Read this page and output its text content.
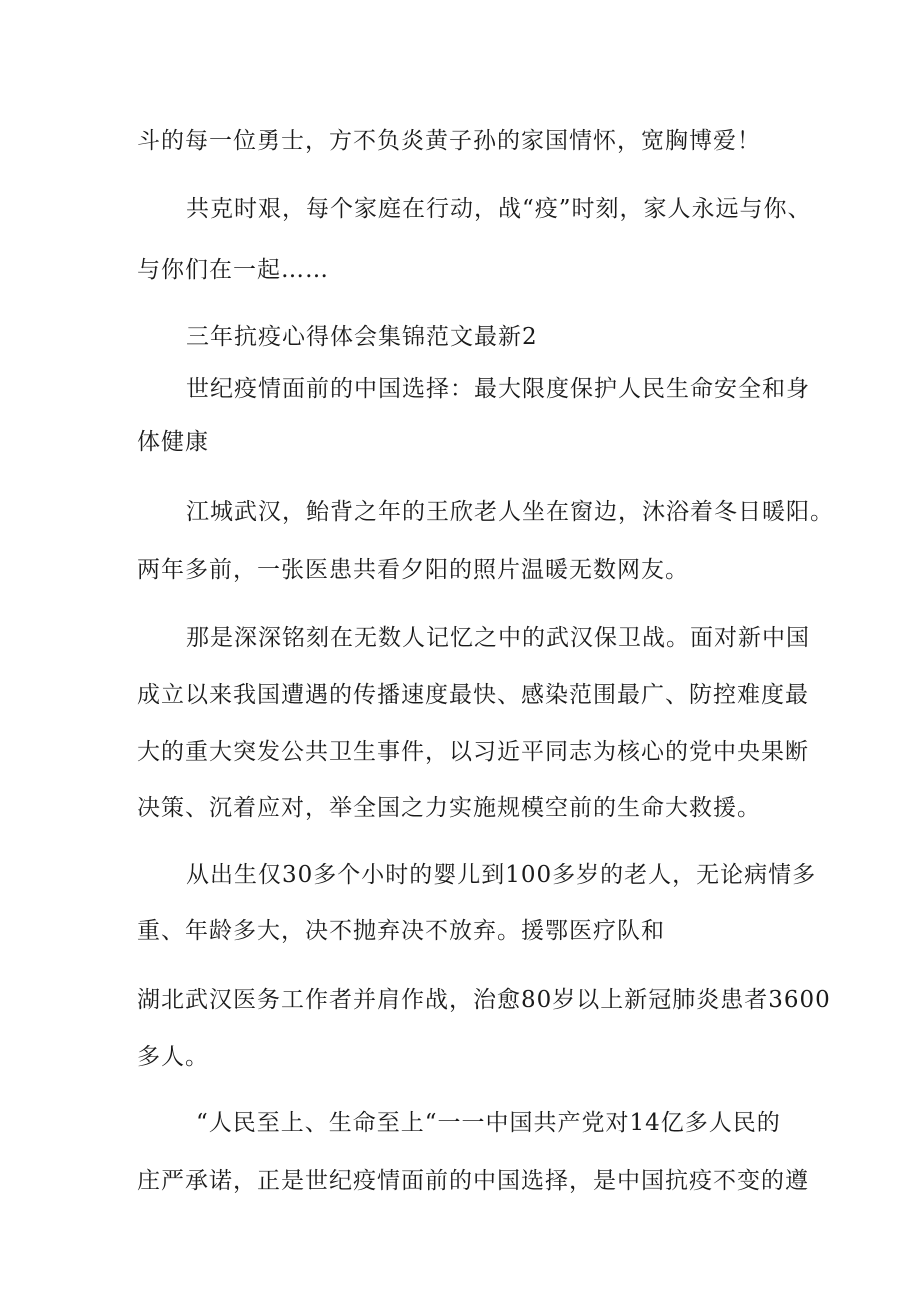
斗的每一位勇士，方不负炎黄子孙的家国情怀，宽胸博爱！
共克时艰，每个家庭在行动，战“疫”时刻，家人永远与你、
与你们在一起……
三年抗疫心得体会集锦范文最新2
世纪疫情面前的中国选择：最大限度保护人民生命安全和身
体健康
江城武汉，鲐背之年的王欣老人坐在窗边，沐浴着冬日暖阳。
两年多前，一张医患共看夕阳的照片温暖无数网友。
那是深深铭刻在无数人记忆之中的武汉保卫战。面对新中国
成立以来我国遭遇的传播速度最快、感染范围最广、防控难度最
大的重大突发公共卫生事件，以习近平同志为核心的党中央果断
决策、沉着应对，举全国之力实施规模空前的生命大救援。
从出生仅30多个小时的婴儿到100多岁的老人，无论病情多
重、年龄多大，决不抛弃决不放弃。援鄂医疗队和
湖北武汉医务工作者并肩作战，治愈80岁以上新冠肺炎患者3600
多人。
“人民至上、生命至上“一一中国共产党对14亿多人民的
庄严承诺，正是世纪疫情面前的中国选择，是中国抗疫不变的遵
